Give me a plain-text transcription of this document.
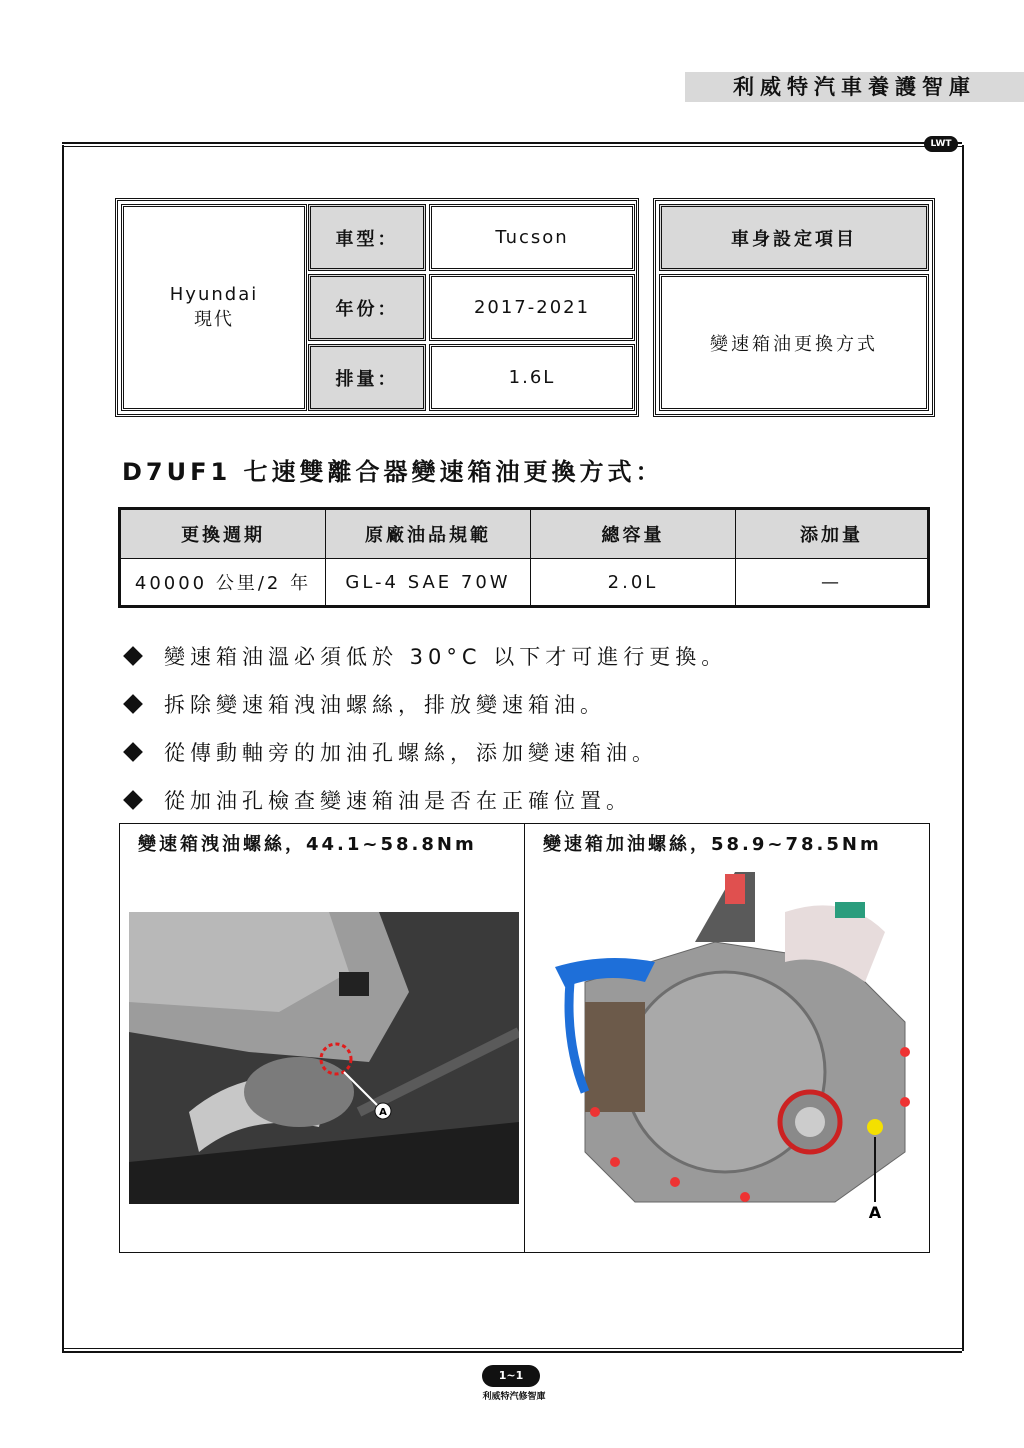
利威特汽車養護智庫
LWT
Hyundai
現代
車型：	Tucson
年份：	2017-2021
排量：	1.6L
車身設定項目
變速箱油更換方式
D7UF1 七速雙離合器變速箱油更換方式：
更換週期	原廠油品規範	總容量	添加量
40000 公里/2 年	GL-4 SAE 70W	2.0L	—
變速箱油溫必須低於 30°C 以下才可進行更換。
拆除變速箱洩油螺絲，排放變速箱油。
從傳動軸旁的加油孔螺絲，添加變速箱油。
從加油孔檢查變速箱油是否在正確位置。
變速箱洩油螺絲，44.1~58.8Nm
A
變速箱加油螺絲，58.9~78.5Nm
A
1~1
利威特汽修智庫
